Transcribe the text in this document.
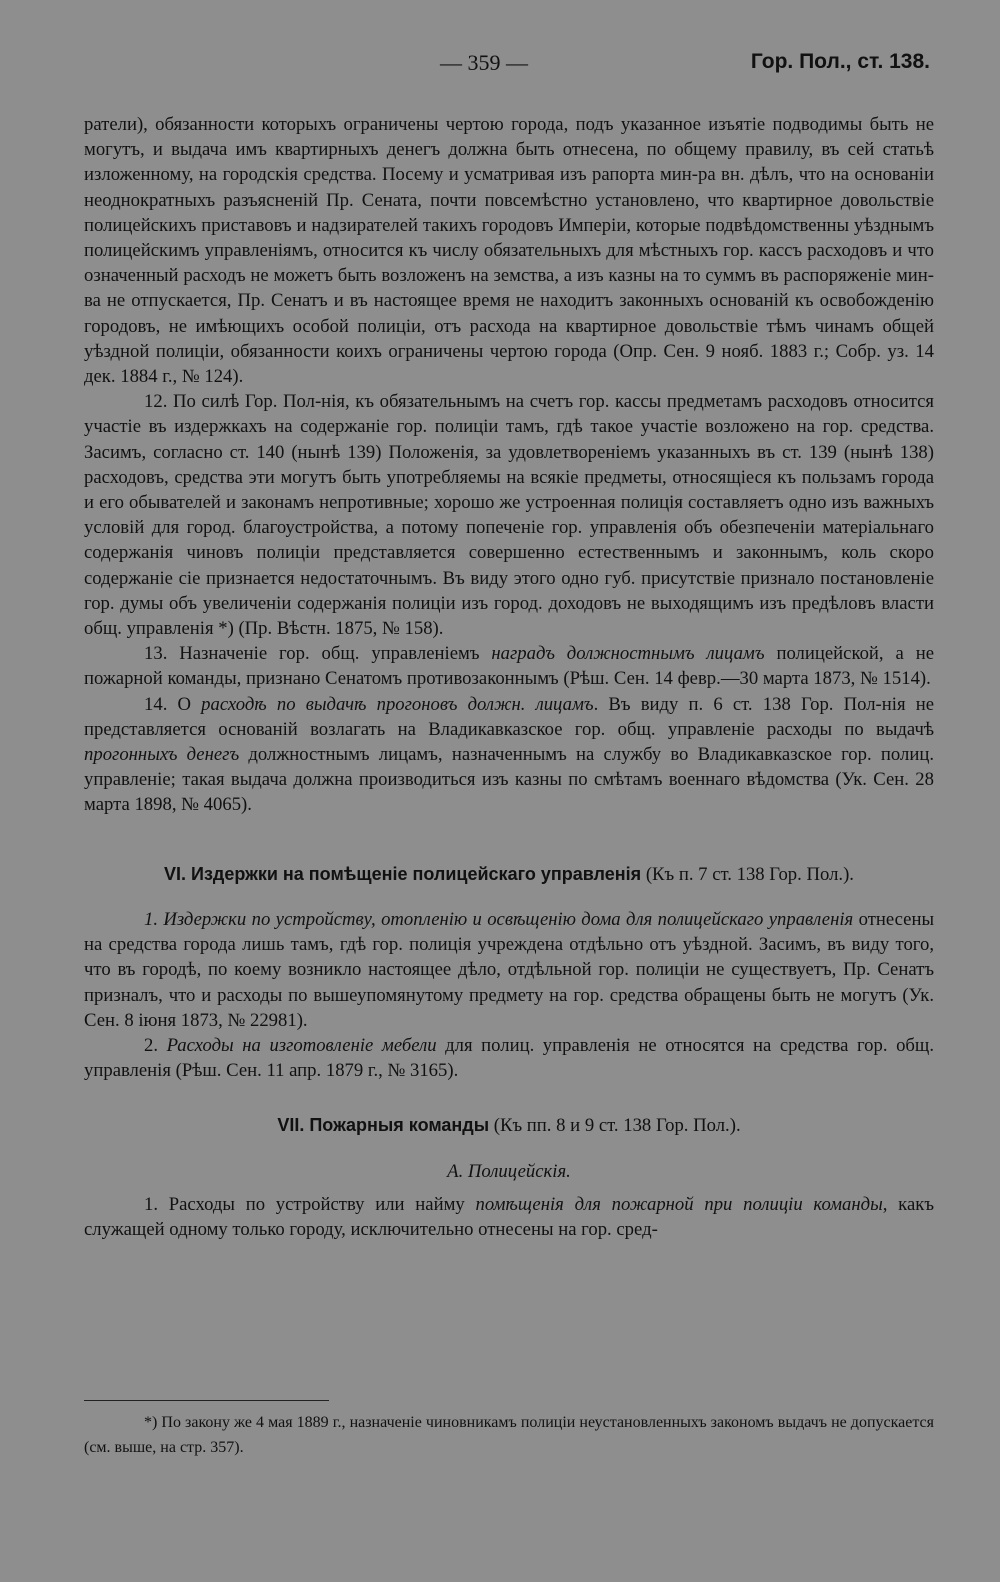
— 359 —	Гор. Пол., ст. 138.

ратели), обязанности которыхъ ограничены чертою города, подъ указанное изъятіе подводимы быть не могутъ, и выдача имъ квартирныхъ денегъ должна быть отнесена, по общему правилу, въ сей статьѣ изложенному, на городскія средства. Посему и усматривая изъ рапорта мин-ра вн. дѣлъ, что на основаніи неоднократныхъ разъясненій Пр. Сената, почти повсемѣстно установлено, что квартирное довольствіе полицейскихъ приставовъ и надзирателей такихъ городовъ Имперіи, которые подвѣдомственны уѣзднымъ полицейскимъ управленіямъ, относится къ числу обязательныхъ для мѣстныхъ гор. кассъ расходовъ и что означенный расходъ не можетъ быть возложенъ на земства, а изъ казны на то суммъ въ распоряженіе мин-ва не отпускается, Пр. Сенатъ и въ настоящее время не находитъ законныхъ основаній къ освобожденію городовъ, не имѣющихъ особой полиціи, отъ расхода на квартирное довольствіе тѣмъ чинамъ общей уѣздной полиціи, обязанности коихъ ограничены чертою города (Опр. Сен. 9 нояб. 1883 г.; Собр. уз. 14 дек. 1884 г., № 124).

12. По силѣ Гор. Пол-нія, къ обязательнымъ на счетъ гор. кассы предметамъ расходовъ относится участіе въ издержкахъ на содержаніе гор. полиціи тамъ, гдѣ такое участіе возложено на гор. средства. Засимъ, согласно ст. 140 (нынѣ 139) Положенія, за удовлетвореніемъ указанныхъ въ ст. 139 (нынѣ 138) расходовъ, средства эти могутъ быть употребляемы на всякіе предметы, относящіеся къ пользамъ города и его обывателей и законамъ непротивные; хорошо же устроенная полиція составляетъ одно изъ важныхъ условій для город. благоустройства, а потому попеченіе гор. управленія объ обезпеченіи матеріальнаго содержанія чиновъ полиціи представляется совершенно естественнымъ и законнымъ, коль скоро содержаніе сіе признается недостаточнымъ. Въ виду этого одно губ. присутствіе признало постановленіе гор. думы объ увеличеніи содержанія полиціи изъ город. доходовъ не выходящимъ изъ предѣловъ власти общ. управленія *) (Пр. Вѣстн. 1875, № 158).

13. Назначеніе гор. общ. управленіемъ наградъ должностнымъ лицамъ полицейской, а не пожарной команды, признано Сенатомъ противозаконнымъ (Рѣш. Сен. 14 февр.—30 марта 1873, № 1514).

14. О расходѣ по выдачѣ прогоновъ должн. лицамъ. Въ виду п. 6 ст. 138 Гор. Пол-нія не представляется основаній возлагать на Владикавказское гор. общ. управленіе расходы по выдачѣ прогонныхъ денегъ должностнымъ лицамъ, назначеннымъ на службу во Владикавказское гор. полиц. управленіе; такая выдача должна производиться изъ казны по смѣтамъ военнаго вѣдомства (Ук. Сен. 28 марта 1898, № 4065).

VI. Издержки на помѣщеніе полицейскаго управленія (Къ п. 7 ст. 138 Гор. Пол.).

1. Издержки по устройству, отопленію и освѣщенію дома для полицейскаго управленія отнесены на средства города лишь тамъ, гдѣ гор. полиція учреждена отдѣльно отъ уѣздной. Засимъ, въ виду того, что въ городѣ, по коему возникло настоящее дѣло, отдѣльной гор. полиціи не существуетъ, Пр. Сенатъ призналъ, что и расходы по вышеупомянутому предмету на гор. средства обращены быть не могутъ (Ук. Сен. 8 іюня 1873, № 22981).

2. Расходы на изготовленіе мебели для полиц. управленія не относятся на средства гор. общ. управленія (Рѣш. Сен. 11 апр. 1879 г., № 3165).

VII. Пожарныя команды (Къ пп. 8 и 9 ст. 138 Гор. Пол.).
А. Полицейскія.

1. Расходы по устройству или найму помѣщенія для пожарной при полиціи команды, какъ служащей одному только городу, исключительно отнесены на гор. сред-

*) По закону же 4 мая 1889 г., назначеніе чиновникамъ полиціи неустановленныхъ закономъ выдачъ не допускается (см. выше, на стр. 357).
